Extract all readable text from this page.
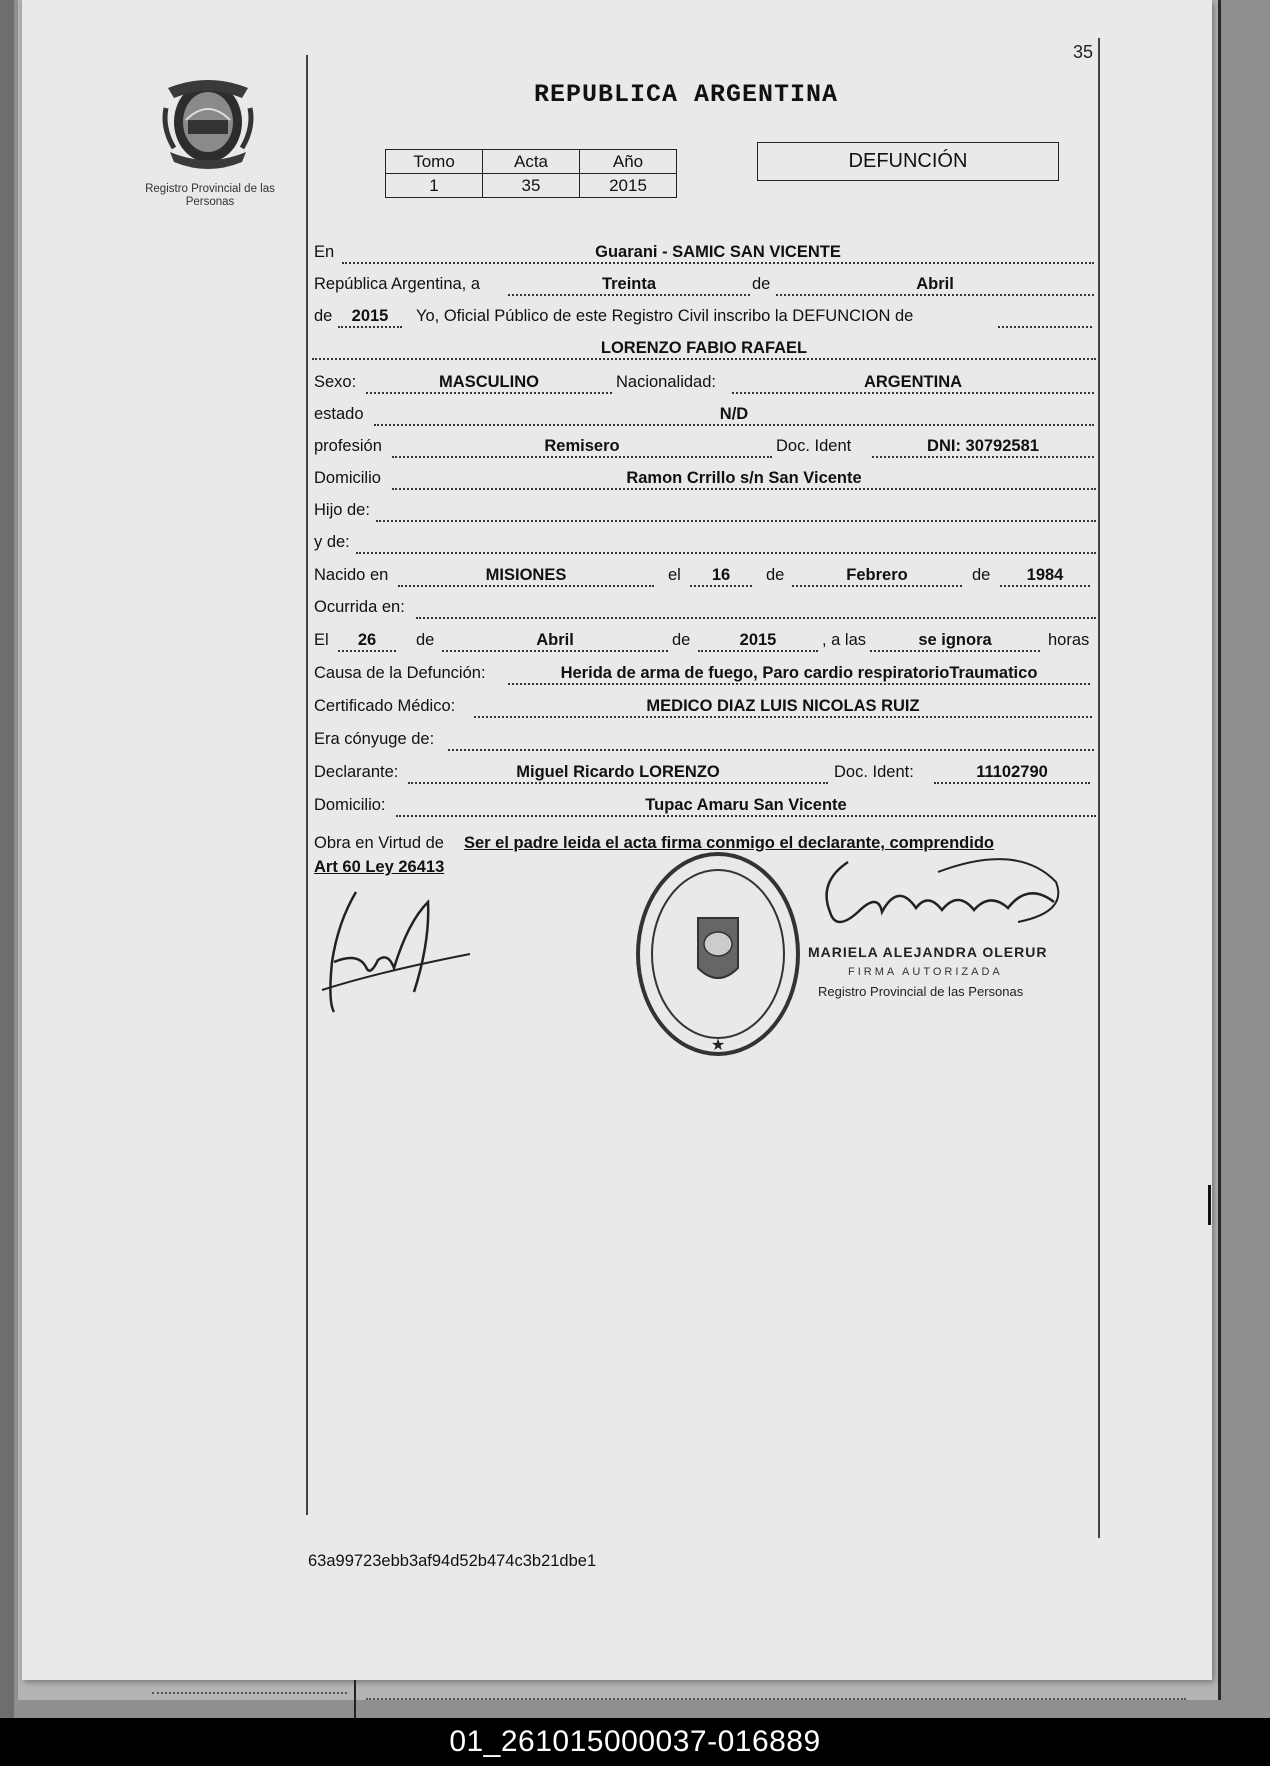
35
Registro Provincial de las Personas
REPUBLICA ARGENTINA
Tomo	Acta	Año
1	35	2015
DEFUNCIÓN
En	Guarani - SAMIC SAN VICENTE
República Argentina, a	Treinta	de	Abril
de	2015	Yo, Oficial Público de este Registro Civil inscribo la DEFUNCION de
LORENZO FABIO RAFAEL
Sexo:	MASCULINO	Nacionalidad:	ARGENTINA
estado	N/D
profesión	Remisero	Doc. Ident	DNI: 30792581
Domicilio	Ramon Crrillo s/n San Vicente
Hijo de:
y de:
Nacido en	MISIONES	el	16	de	Febrero	de	1984
Ocurrida en:
El	26	de	Abril	de	2015	, a las	se ignora	horas
Causa de la Defunción:	Herida de arma de fuego, Paro cardio respiratorioTraumatico
Certificado Médico:	MEDICO DIAZ LUIS NICOLAS RUIZ
Era cónyuge de:
Declarante:	Miguel Ricardo LORENZO	Doc. Ident:	11102790
Domicilio:	Tupac Amaru San Vicente
Obra en Virtud de Ser el padre leida el acta firma conmigo el declarante, comprendido
Art 60 Ley 26413
★
MARIELA ALEJANDRA OLERUR
FIRMA AUTORIZADA
Registro Provincial de las Personas
63a99723ebb3af94d52b474c3b21dbe1
01_261015000037-016889
